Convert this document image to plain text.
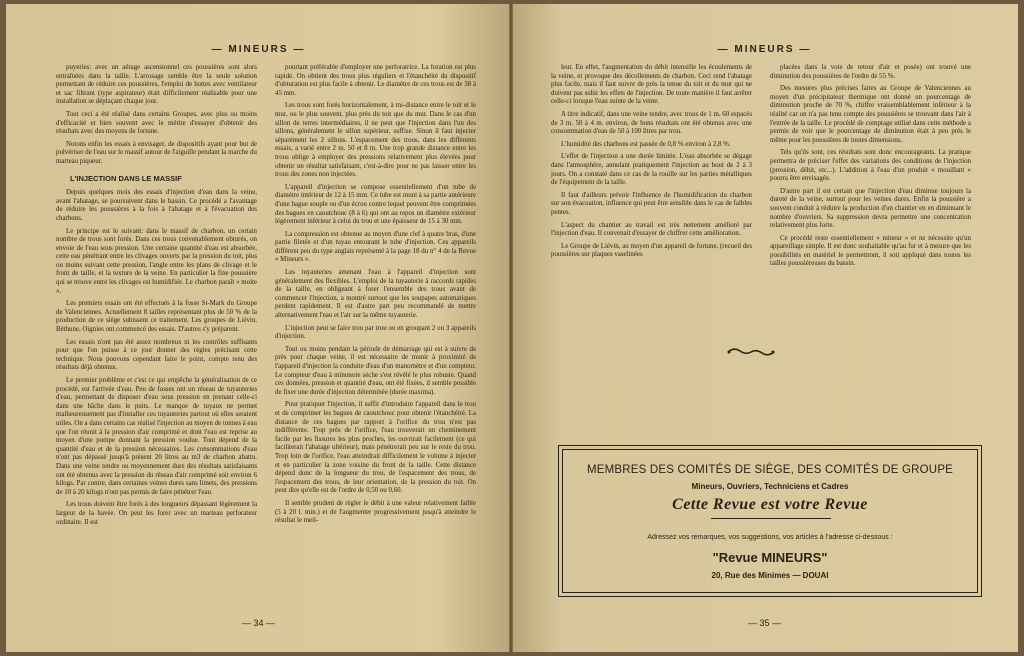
— MINEURS —

puyeries: avec un aérage ascensionnel ces poussières sont alors entraînées dans la taille. L'arrosage semble être la seule solution permettant de réduire ces poussières, l'emploi de hottes avec ventilateur et sac filtrant (type aspirateur) était difficilement réalisable pour une installation se déplaçant chaque jour.

Tout ceci a été réalisé dans certains Groupes, avec plus ou moins d'efficacité et bien souvent avec le mérite d'essayer d'obtenir des résultats avec des moyens de fortune.

Notons enfin les essais à envisager, de dispositifs ayant pour but de pulvériser de l'eau sur le massif autour de l'aiguille pendant la marche du marteau piqueur.

L'INJECTION DANS LE MASSIF

Depuis quelques mois des essais d'injection d'eau dans la veine, avant l'abatage, se poursuivent dans le bassin. Ce procédé a l'avantage de réduire les poussières à la fois à l'abatage et à l'évacuation des charbons.

Le principe est le suivant: dans le massif de charbon, un certain nombre de trous sont forés. Dans ces trous convenablement obturés, on envoie de l'eau sous pression. Une certaine quantité d'eau est absorbée, cette eau pénétrant entre les clivages ouverts par la pression du toit, plus ou moins suivant cette pression, l'angle entre les plans de clivage et le front de taille, et la texture de la veine. En particulier la fine poussière qui se trouve entre les clivages est humidifiée. Le charbon paraît « moite ».

Les premiers essais ont été effectués à la fosse St-Mark du Groupe de Valenciennes. Actuellement 8 tailles représentant plus de 50 % de la production de ce siège subissent ce traitement. Les groupes de Liévin, Béthune, Oignies ont commencé des essais. D'autres s'y préparent.

Les essais n'ont pas été assez nombreux ni les contrôles suffisants pour que l'on puisse à ce jour donner des règles précisant cette technique. Nous pouvons cependant faire le point, compte tenu des résultats déjà obtenus.

Le premier problème et c'est ce qui empêche la généralisation de ce procédé, est l'arrivée d'eau. Peu de fosses ont un réseau de tuyauteries d'eau, permettant de disposer d'eau sous pression en prenant celle-ci dans une bâche dans le puits. Le manque de tuyaux ne permet malheureusement pas d'installer ces tuyauteries partout où elles seraient utiles. On a dans certains cas réalisé l'injection au moyen de tonnes à eau que l'on réunit à la pression d'air comprimé et dont l'eau est reprise au moyen d'une pompe donnant la pression voulue. Tout dépend de la quantité d'eau et de la pression nécessaires. Les consommations d'eau n'ont pas dépassé jusqu'à présent 20 litres au m3 de charbon abattu. Dans une veine tendre ou moyennement dure des résultats satisfaisants ont été obtenus avec la pression du réseau d'air comprimé soit environ 6 kilogs. Par contre, dans certaines veines dures sans limets, des pressions de 10 à 20 kilogs n'ont pas permis de faire pénétrer l'eau.

Les trous doivent être forés à des longueurs dépassant légèrement la largeur de la havée. On peut les forer avec un marteau perforateur ordinaire. Il est

pourtant préférable d'employer une perforatrice. La foration est plus rapide. On obtient des trous plus réguliers et l'étanchéité du dispositif d'obturation est plus facile à obtenir. Le diamètre de ces trous est de 38 à 45 mm.

Les trous sont forés horizontalement, à mi-distance entre le toit et le mur, ou le plus souvent, plus près du toit que du mur. Dans le cas d'un sillon de terres intermédiaires, il ne peut que l'injection dans l'un des sillons, généralement le sillon supérieur, suffise. Sinon il faut injecter séparément les 2 sillons. L'espacement des trous, dans les différents essais, a varié entre 2 m. 50 et 8 m. Une trop grande distance entre les trous oblige à employer des pressions relativement plus élevées pour obtenir un résultat satisfaisant, c'est-à-dire pour ne pas laisser entre les trous des zones non injectées.

L'appareil d'injection se compose essentiellement d'un tube de diamètre intérieur de 12 à 15 mm. Ce tube est muni à sa partie antérieure d'une bague souple ou d'un écrou contre lequel peuvent être comprimées des bagues en caoutchouc (8 à 6) qui ont au repos un diamètre extérieur légèrement inférieur à celui du trou et une épaisseur de 15 à 30 mm.

La compression est obtenue au moyen d'une clef à quatre bras, d'une partie filetée et d'un tuyau entourant le tube d'injection. Ces appareils diffèrent peu du type anglais représenté à la page 18 du n° 4 de la Revue « Mineurs ».

Les tuyauteries amenant l'eau à l'appareil d'injection sont généralement des flexibles. L'emploi de la tuyauterie à raccords rapides de la taille, en obligeant à forer l'ensemble des trous avant de commencer l'injection, a montré surtout que les soupapes automatiques perdent rapidement. Il est d'autre part peu recommandé de mettre alternativement l'eau et l'air sur la même tuyauterie.

L'injection peut se faire trou par trou ou en groupant 2 ou 3 appareils d'injection.

Tout ou moins pendant la période de démarrage qui est à suivre de près pour chaque veine, il est nécessaire de munir à proximité de l'appareil d'injection la conduite d'eau d'un manomètre et d'un compteur. Le compteur d'eau à minuterie sèche s'est révélé le plus robuste. Quand ces données, pression et quantité d'eau, ont été fixées, il semble possible de fixer une durée d'injection déterminée (durée maxima).

Pour pratiquer l'injection, il suffit d'introduire l'appareil dans le trou et de comprimer les bagues de caoutchouc pour obtenir l'étanchéité. La distance de ces bagues par rapport à l'orifice du trou n'est pas indifférente. Trop près de l'orifice, l'eau trouverait un cheminement facile par les fissures les plus proches, les ouvrirait facilement (ce qui faciliterait l'abatage ultérieur), mais pénétrerait peu sur le reste du trou. Trop loin de l'orifice, l'eau atteindrait difficilement le volume à injecter et en particulier la zone voisine du front de la taille. Cette distance dépend donc de la longueur du trou, de l'espacement des trous, de l'espacement des trous, de leur orientation, de la pression du toit. On peut dire qu'elle est de l'ordre de 0,50 ou 0,60.

Il semble prudent de régler le débit à une valeur relativement faible (5 à 20 l. min.) et de l'augmenter progressivement jusqu'à atteindre le résultat le meil-

— 34 —
— MINEURS —

leur. En effet, l'augmentation du débit intensifie les écoulements de la veine, et provoque des décollements de charbon. Ceci rend l'abatage plus facile, mais il faut suivre de près la tenue du toit et du mur qui ne doivent pas subir les effets de l'injection. De toute manière il faut arrêter celle-ci lorsque l'eau suinte de la veine.

A titre indicatif, dans une veine tendre, avec trous de 1 m. 60 espacés de 3 m. 50 à 4 m. environ, de bons résultats ont été obtenus avec une consommation d'eau de 50 à 100 litres par trou.

L'humidité des charbons est passée de 0,8 % environ à 2,8 %.

L'effet de l'injection a une durée limitée. L'eau absorbée se dégage dans l'atmosphère, annulant pratiquement l'injection au bout de 2 à 3 jours. On a constaté dans ce cas de la rouille sur les parties métalliques de l'équipement de la taille.

Il faut d'ailleurs prévoir l'influence de l'humidification du charbon sur son évacuation, influence qui peut être sensible dans le cas de faibles pentes.

L'aspect du chantier au travail est très nettement amélioré par l'injection d'eau. Il convenait d'essayer de chiffrer cette amélioration.

Le Groupe de Liévin, au moyen d'un appareil de fortune, (recueil des poussières sur plaques vaselinées

placées dans la voie de retour d'air et posée) ont trouvé une diminution des poussières de l'ordre de 55 %.

Des mesures plus précises faites au Groupe de Valenciennes au moyen d'un précipitateur thermique ont donné un pourcentage de diminution proche de 70 %, chiffre vraisemblablement inférieur à la réalité car on n'a pas tenu compte des poussières se trouvant dans l'air à l'entrée de la taille. Le procédé de comptage utilisé dans cette méthode a permis de voir que le pourcentage de diminution était à peu près le même pour les poussières de toutes dimensions.

Tels qu'ils sont, ces résultats sont donc encourageants. La pratique permettra de préciser l'effet des variations des conditions de l'injection (pression, débit, etc...). L'addition à l'eau d'un produit « mouillant » pourra être envisagée.

D'autre part il est certain que l'injection d'eau diminue toujours la dureté de la veine, surtout pour les veines dures. Enfin la poussière a souvent conduit à réduire la production d'un chantier en en diminuant le nombre d'ouvriers. Sa suppression devra permettre une concentration relativement plus forte.

Ce procédé reste essentiellement « mineur » et ne nécessite qu'un appareillage simple. Il est donc souhaitable qu'au fur et à mesure que les possibilités en matériel le permettront, il soit appliqué dans toutes les tailles poussiéreuses du bassin.

MEMBRES DES COMITÉS DE SIÈGE, DES COMITÉS DE GROUPE
Mineurs, Ouvriers, Techniciens et Cadres
Cette Revue est votre Revue
Adressez vos remarques, vos suggestions, vos articles à l'adresse ci-dessous :
"Revue MINEURS"
20, Rue des Minimes — DOUAI
— 35 —
